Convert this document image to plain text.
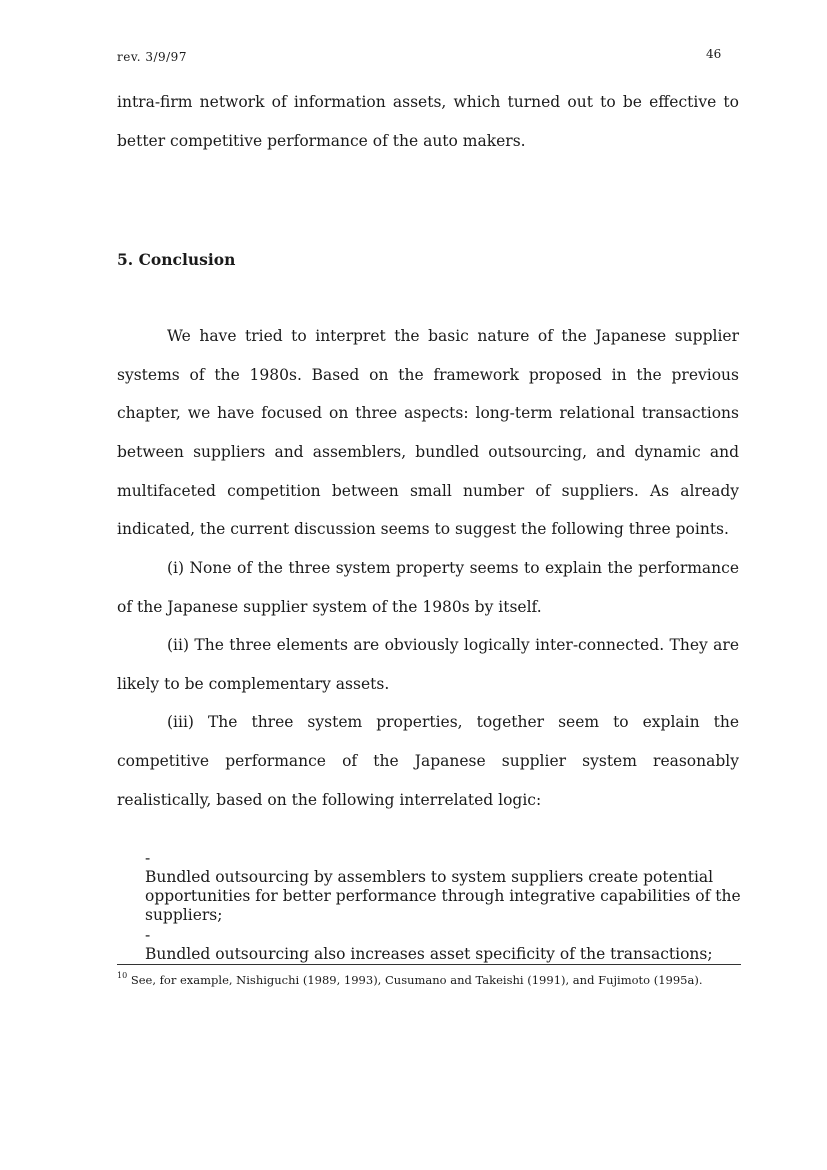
rev. 3/9/97	46
intra-firm network of information assets, which turned out to be effective to
better competitive performance of the auto makers.
5. Conclusion
We have tried to interpret the basic nature of the Japanese supplier
systems of the 1980s. Based on the framework proposed in the previous
chapter, we have focused on three aspects: long-term relational transactions
between suppliers and assemblers, bundled outsourcing, and dynamic and
multifaceted competition between small number of suppliers. As already
indicated, the current discussion seems to suggest the following three points.
(i) None of the three system property seems to explain the performance
of the Japanese supplier system of the 1980s by itself.
(ii) The three elements are obviously logically inter-connected. They are
likely to be complementary assets.
(iii) The three system properties, together seem to explain the
competitive performance of the Japanese supplier system reasonably
realistically, based on the following interrelated logic:
-
Bundled outsourcing by assemblers to system suppliers create potential
opportunities for better performance through integrative capabilities of the
suppliers;
-
Bundled outsourcing also increases asset specificity of the transactions;
$^{10}$ See, for example, Nishiguchi (1989, 1993), Cusumano and Takeishi (1991), and Fujimoto (1995a).
